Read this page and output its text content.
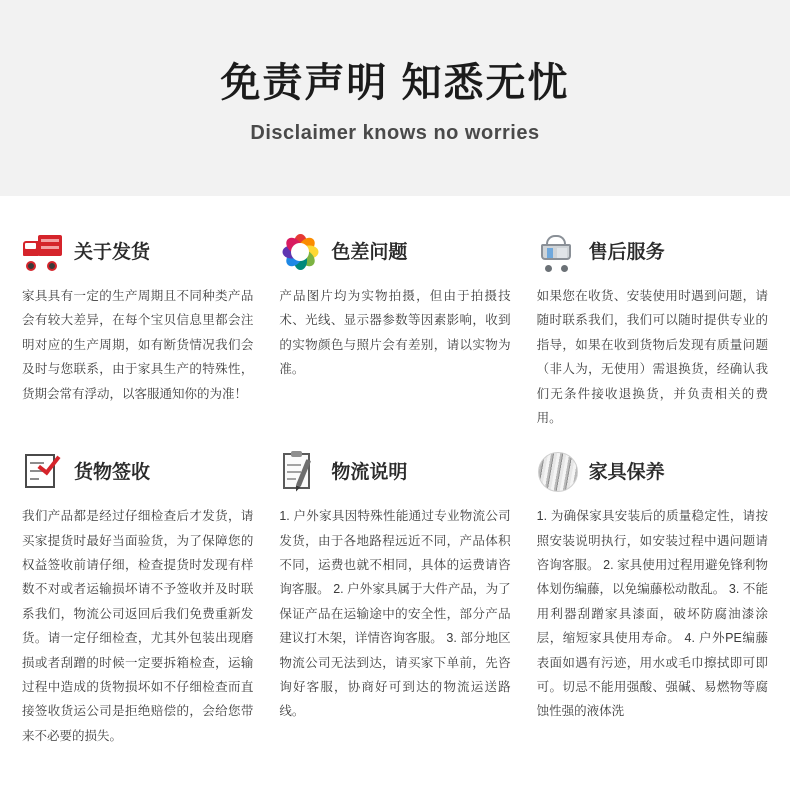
免责声明 知悉无忧
Disclaimer knows no worries
关于发货
家具具有一定的生产周期且不同种类产品会有较大差异，在每个宝贝信息里都会注明对应的生产周期，如有断货情况我们会及时与您联系，由于家具生产的特殊性，货期会常有浮动，以客服通知你的为准！
色差问题
产品图片均为实物拍摄，但由于拍摄技术、光线、显示器参数等因素影响，收到的实物颜色与照片会有差别，请以实物为准。
售后服务
如果您在收货、安装使用时遇到问题，请随时联系我们，我们可以随时提供专业的指导，如果在收到货物后发现有质量问题（非人为，无使用）需退换货，经确认我们无条件接收退换货，并负责相关的费用。
货物签收
我们产品都是经过仔细检查后才发货，请买家提货时最好当面验货，为了保障您的权益签收前请仔细，检查提货时发现有样数不对或者运输损坏请不予签收并及时联系我们，物流公司返回后我们免费重新发货。请一定仔细检查，尤其外包装出现磨损或者刮蹭的时候一定要拆箱检查，运输过程中造成的货物损坏如不仔细检查而直接签收货运公司是拒绝赔偿的，会给您带来不必要的损失。
物流说明
1. 户外家具因特殊性能通过专业物流公司发货，由于各地路程远近不同，产品体积不同，运费也就不相同，具体的运费请咨询客服。 2. 户外家具属于大件产品，为了保证产品在运输途中的安全性，部分产品建议打木架，详情咨询客服。 3. 部分地区物流公司无法到达，请买家下单前，先咨询好客服，协商好可到达的物流运送路线。
家具保养
1. 为确保家具安装后的质量稳定性，请按照安装说明执行，如安装过程中遇问题请咨询客服。 2. 家具使用过程用避免锋利物体划伤编藤，以免编藤松动散乱。 3. 不能用利器刮蹭家具漆面，破坏防腐油漆涂层，缩短家具使用寿命。 4. 户外PE编藤表面如遇有污迹，用水或毛巾擦拭即可即可。切忌不能用强酸、强碱、易燃物等腐蚀性强的液体洗
